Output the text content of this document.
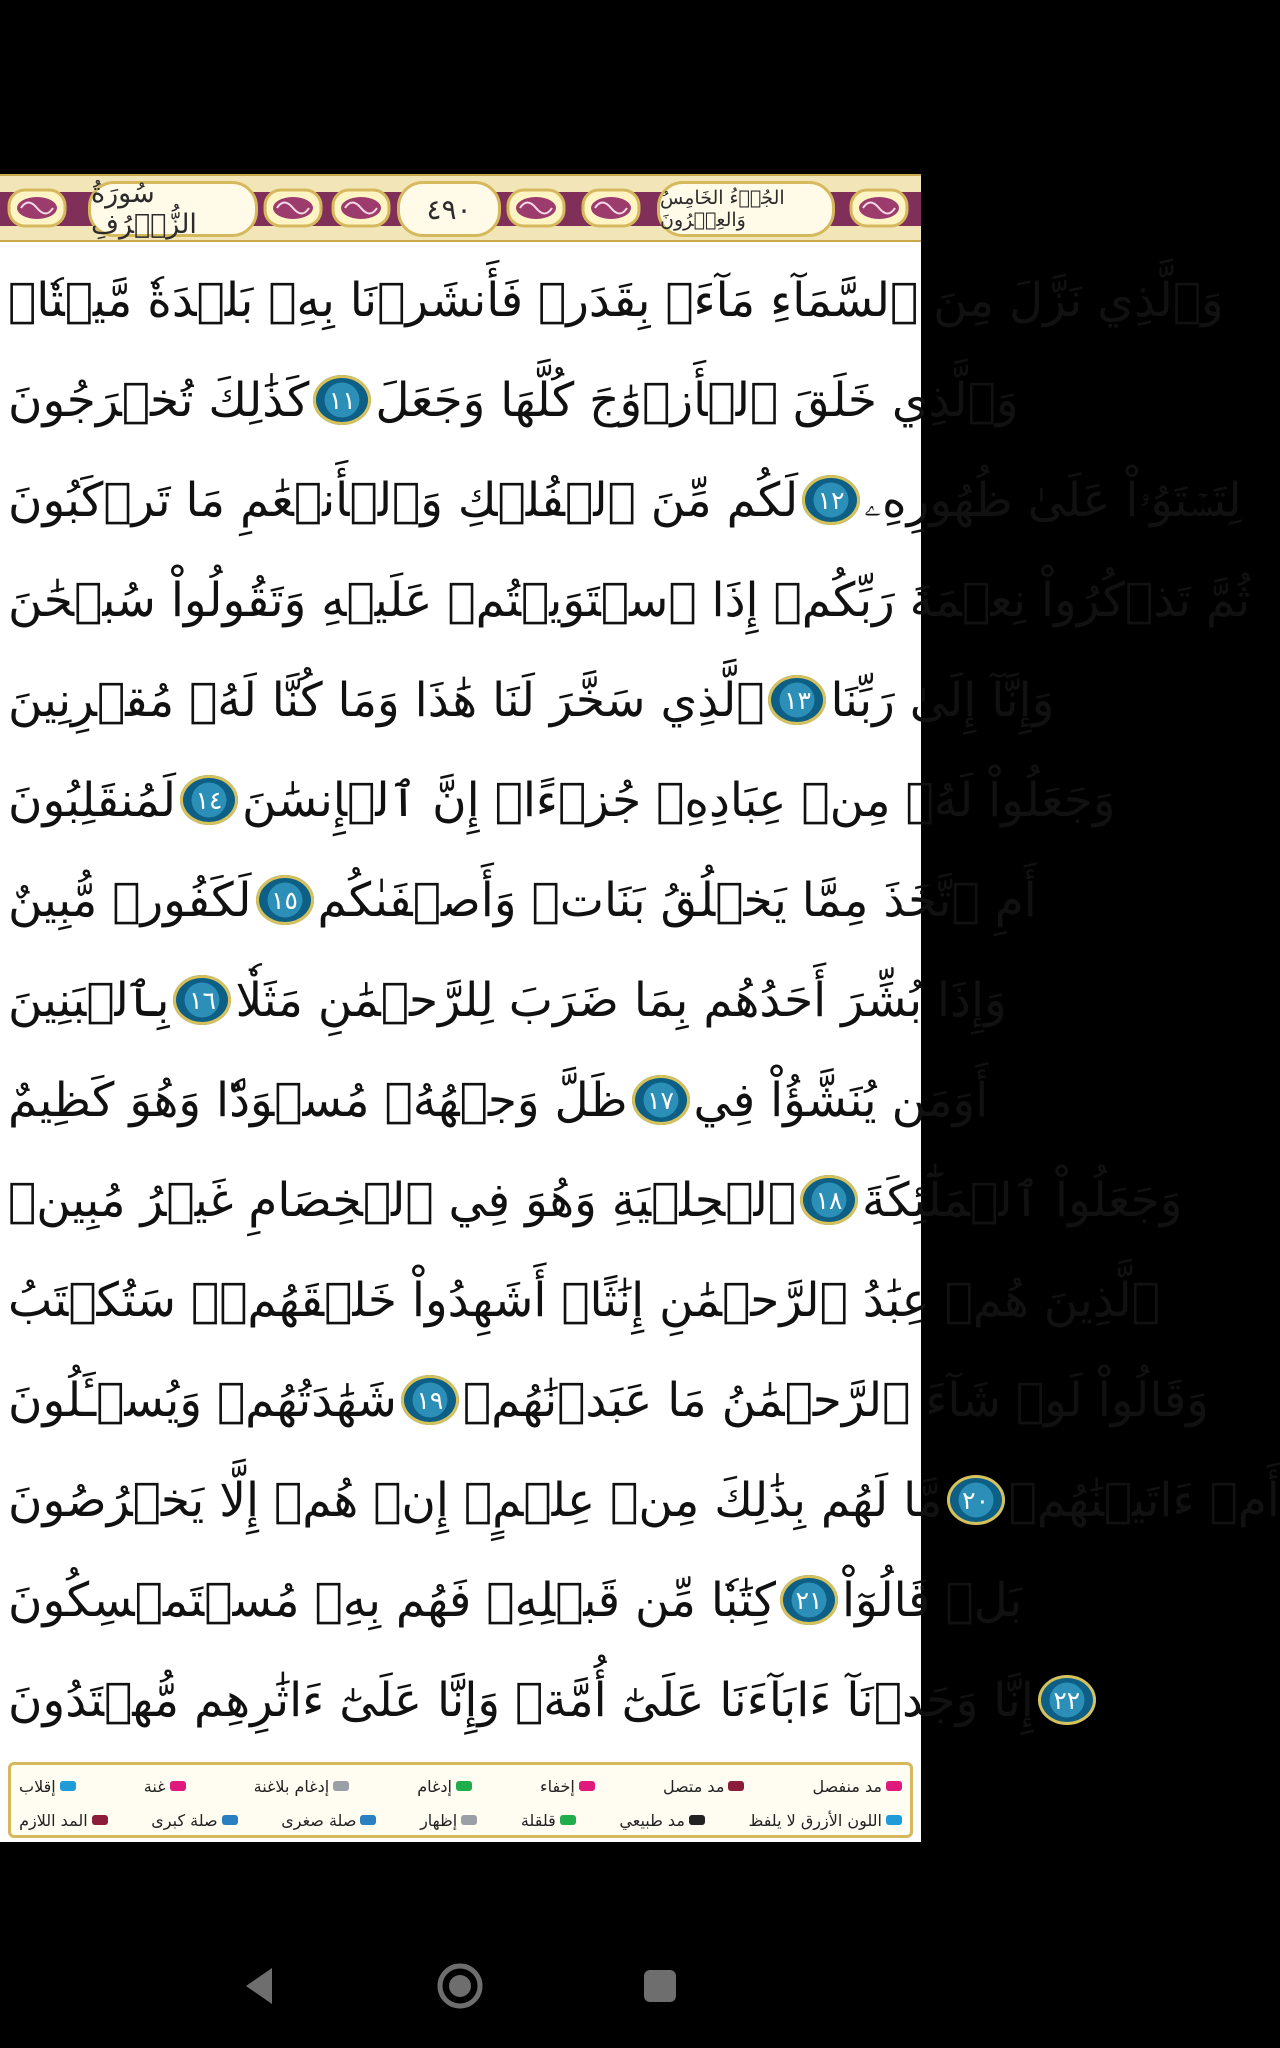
سُورَةُ الزُّخۡرُفِ	٤٩٠	الجُزۡءُ الخَامِسُ وَالعِشۡرُونَ
وَٱلَّذِي نَزَّلَ مِنَ ٱلسَّمَآءِ مَآءَۢ بِقَدَرٖ فَأَنشَرۡنَا بِهِۦ بَلۡدَةٗ مَّيۡتٗاۚ
كَذَٰلِكَ تُخۡرَجُونَ ١١ وَٱلَّذِي خَلَقَ ٱلۡأَزۡوَٰجَ كُلَّهَا وَجَعَلَ
لَكُم مِّنَ ٱلۡفُلۡكِ وَٱلۡأَنۡعَٰمِ مَا تَرۡكَبُونَ ١٢ لِتَسۡتَوُۥاْ عَلَىٰ ظُهُورِهِۦ
ثُمَّ تَذۡكُرُواْ نِعۡمَةَ رَبِّكُمۡ إِذَا ٱسۡتَوَيۡتُمۡ عَلَيۡهِ وَتَقُولُواْ سُبۡحَٰنَ
ٱلَّذِي سَخَّرَ لَنَا هَٰذَا وَمَا كُنَّا لَهُۥ مُقۡرِنِينَ ١٣ وَإِنَّآ إِلَىٰ رَبِّنَا
لَمُنقَلِبُونَ ١٤ وَجَعَلُواْ لَهُۥ مِنۡ عِبَادِهِۦ جُزۡءًاۚ إِنَّ ٱلۡإِنسَٰنَ
لَكَفُورٞ مُّبِينٌ ١٥ أَمِ ٱتَّخَذَ مِمَّا يَخۡلُقُ بَنَاتٖ وَأَصۡفَىٰكُم
بِٱلۡبَنِينَ ١٦ وَإِذَا بُشِّرَ أَحَدُهُم بِمَا ضَرَبَ لِلرَّحۡمَٰنِ مَثَلٗا
ظَلَّ وَجۡهُهُۥ مُسۡوَدّٗا وَهُوَ كَظِيمٌ ١٧ أَوَمَن يُنَشَّؤُاْ فِي
ٱلۡحِلۡيَةِ وَهُوَ فِي ٱلۡخِصَامِ غَيۡرُ مُبِينٖ ١٨ وَجَعَلُواْ ٱلۡمَلَٰٓئِكَةَ
ٱلَّذِينَ هُمۡ عِبَٰدُ ٱلرَّحۡمَٰنِ إِنَٰثًاۚ أَشَهِدُواْ خَلۡقَهُمۡۚ سَتُكۡتَبُ
شَهَٰدَتُهُمۡ وَيُسۡـَٔلُونَ ١٩ وَقَالُواْ لَوۡ شَآءَ ٱلرَّحۡمَٰنُ مَا عَبَدۡنَٰهُمۗ
مَّا لَهُم بِذَٰلِكَ مِنۡ عِلۡمٍۖ إِنۡ هُمۡ إِلَّا يَخۡرُصُونَ ٢٠ أَمۡ ءَاتَيۡنَٰهُمۡ
كِتَٰبٗا مِّن قَبۡلِهِۦ فَهُم بِهِۦ مُسۡتَمۡسِكُونَ ٢١ بَلۡ قَالُوٓاْ
إِنَّا وَجَدۡنَآ ءَابَآءَنَا عَلَىٰٓ أُمَّةٖ وَإِنَّا عَلَىٰٓ ءَاثَٰرِهِم مُّهۡتَدُونَ ٢٢
إقلاب	غنة	إدغام بلاغنة	إدغام	إخفاء	مد متصل	مد منفصل
المد اللازم	صلة كبرى	صلة صغرى	إظهار	قلقلة	مد طبيعي	اللون الأزرق لا يلفظ
